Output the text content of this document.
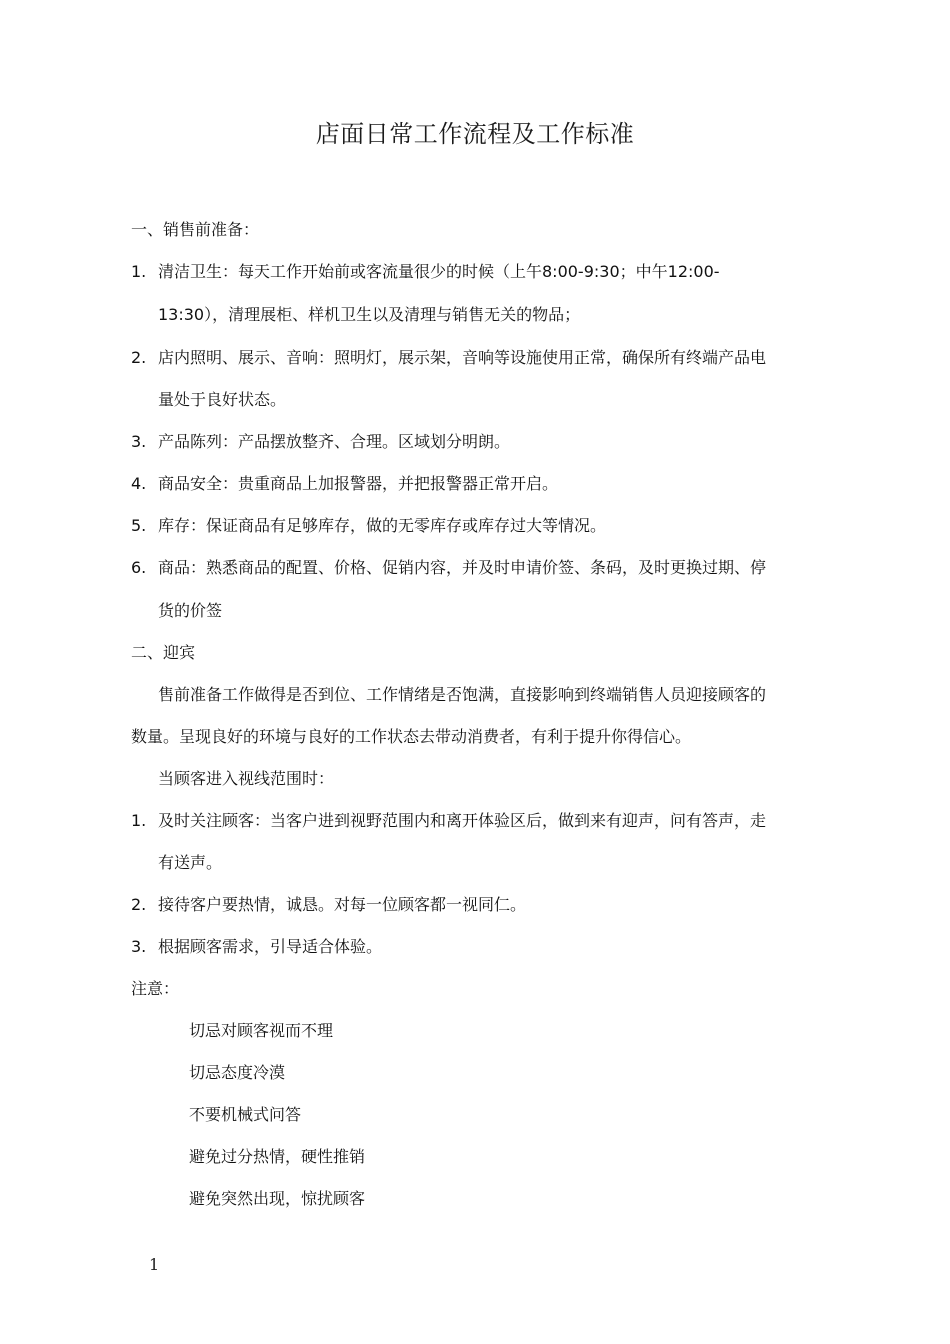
店面日常工作流程及工作标准
一、销售前准备：
1. 清洁卫生：每天工作开始前或客流量很少的时候（上午8:00-9:30；中午12:00-
13:30），清理展柜、样机卫生以及清理与销售无关的物品；
2. 店内照明、展示、音响：照明灯，展示架，音响等设施使用正常，确保所有终端产品电
量处于良好状态。
3. 产品陈列：产品摆放整齐、合理。区域划分明朗。
4. 商品安全：贵重商品上加报警器，并把报警器正常开启。
5. 库存：保证商品有足够库存，做的无零库存或库存过大等情况。
6. 商品：熟悉商品的配置、价格、促销内容，并及时申请价签、条码，及时更换过期、停
货的价签
二、迎宾
售前准备工作做得是否到位、工作情绪是否饱满，直接影响到终端销售人员迎接顾客的
数量。呈现良好的环境与良好的工作状态去带动消费者，有利于提升你得信心。
当顾客进入视线范围时：
1. 及时关注顾客：当客户进到视野范围内和离开体验区后，做到来有迎声，问有答声，走
有送声。
2. 接待客户要热情，诚恳。对每一位顾客都一视同仁。
3. 根据顾客需求，引导适合体验。
注意：
切忌对顾客视而不理
切忌态度冷漠
不要机械式问答
避免过分热情，硬性推销
避免突然出现，惊扰顾客
1
